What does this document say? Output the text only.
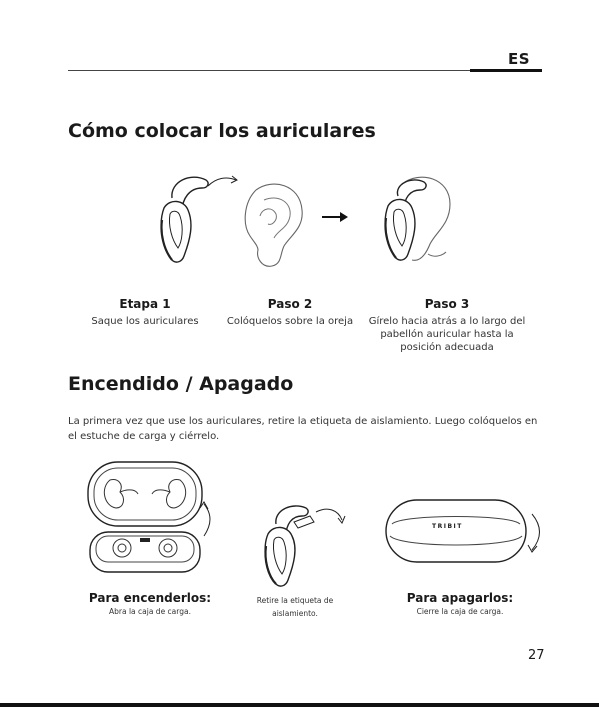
ES
Cómo colocar los auriculares
Etapa 1
Saque los auriculares
Paso 2
Colóquelos sobre la oreja
Paso 3
Gírelo hacia atrás a lo largo del pabellón auricular hasta la posición adecuada
Encendido / Apagado
La primera vez que use los auriculares, retire la etiqueta de aislamiento. Luego colóquelos en el estuche de carga y ciérrelo.
TRIBIT
Para encenderlos:
Abra la caja de carga.
Retire la etiqueta de aislamiento.
Para apagarlos:
Cierre la caja de carga.
27
